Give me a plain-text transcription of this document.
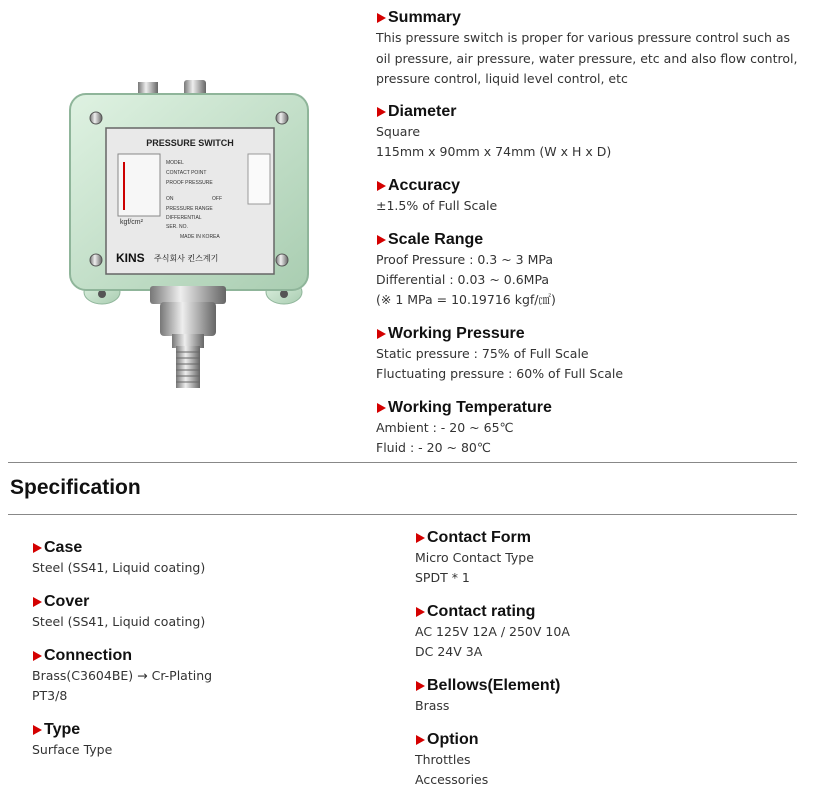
PRESSURE SWITCH
MODEL
CONTACT POINT
PROOF PRESSURE
ON	OFF
PRESSURE RANGE
DIFFERENTIAL
SER. NO.
kgf/cm²
MADE IN KOREA
KINS 주식회사 킨스계기
Summary
This pressure switch is proper for various pressure control such as oil pressure, air pressure, water pressure, etc and also flow control, pressure control, liquid level control, etc
Diameter
Square
115mm x 90mm x 74mm (W x H x D)
Accuracy
±1.5% of Full Scale
Scale Range
Proof Pressure : 0.3 ~ 3 MPa
Differential : 0.03 ~ 0.6MPa
(※ 1 MPa = 10.19716 kgf/㎠)
Working Pressure
Static pressure : 75% of Full Scale
Fluctuating pressure : 60% of Full Scale
Working Temperature
Ambient : - 20 ~ 65℃
Fluid : - 20 ~ 80℃
Specification
Case
Steel (SS41, Liquid coating)
Cover
Steel (SS41, Liquid coating)
Connection
Brass(C3604BE) → Cr-Plating
PT3/8
Type
Surface Type
Contact Form
Micro Contact Type
SPDT * 1
Contact rating
AC 125V 12A / 250V 10A
DC 24V 3A
Bellows(Element)
Brass
Option
Throttles
Accessories
